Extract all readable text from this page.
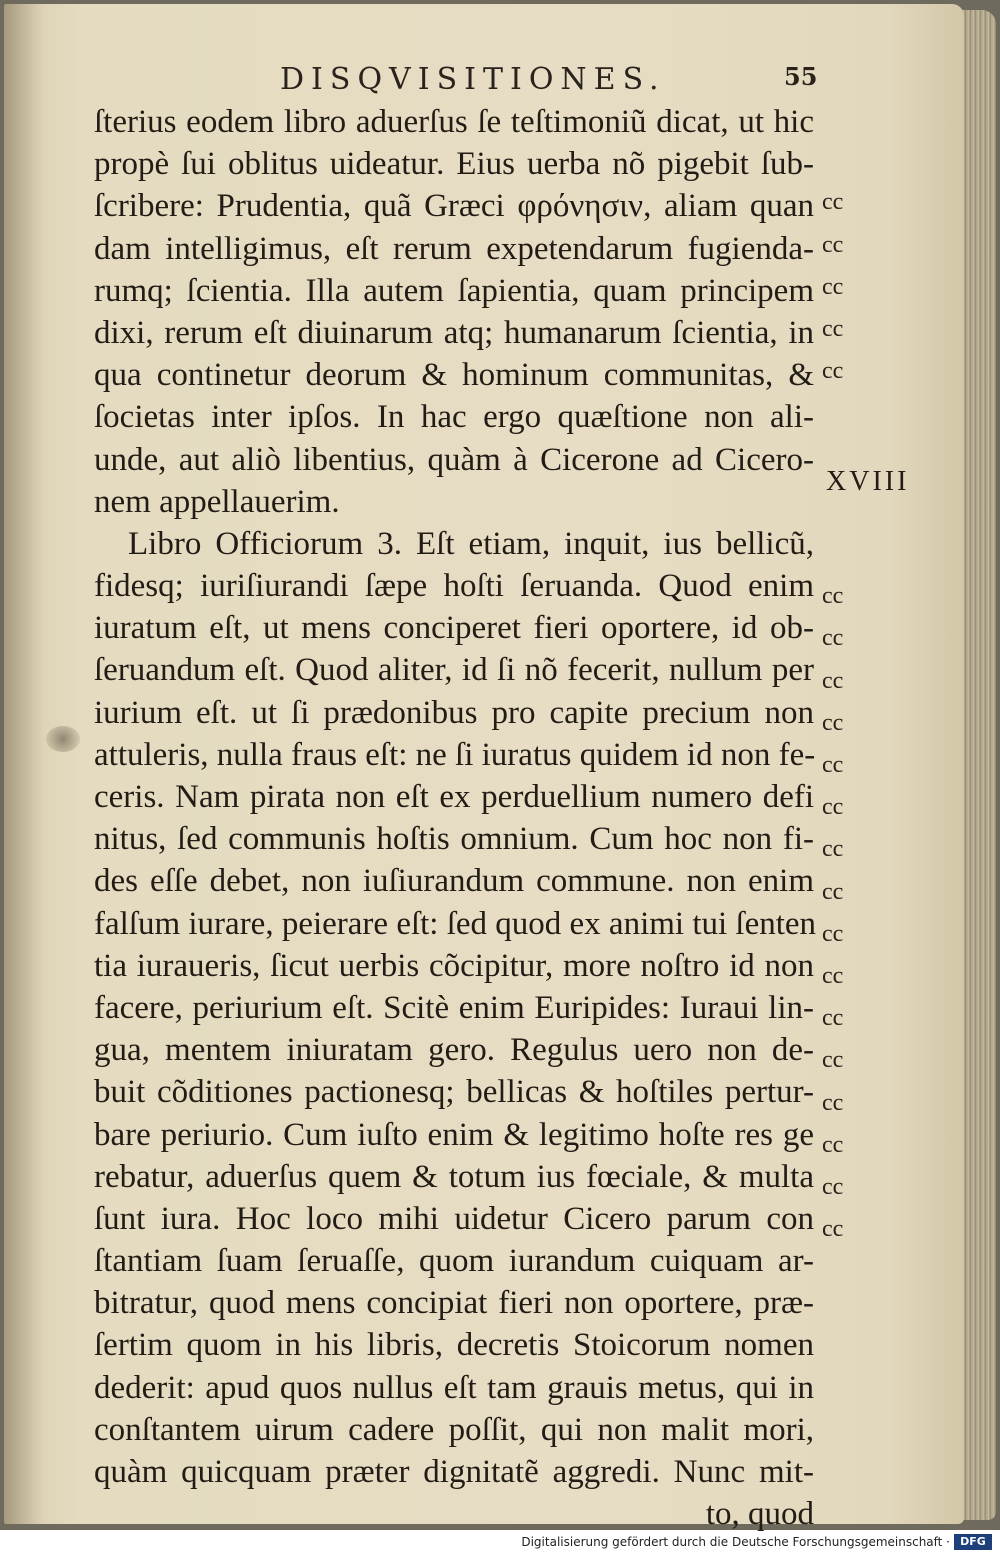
DISQVISITIONES.	55
ſterius eodem libro aduerſus ſe teſtimoniũ dicat, ut hic
propè ſui oblitus uideatur. Eius uerba nõ pigebit ſub-
ſcribere: Prudentia, quã Græci φρόνησιν, aliam quan
dam intelligimus, eſt rerum expetendarum fugienda-
rumq; ſcientia. Illa autem ſapientia, quam principem
dixi, rerum eſt diuinarum atq; humanarum ſcientia, in
qua continetur deorum & hominum communitas, &
ſocietas inter ipſos. In hac ergo quæſtione non ali-
unde, aut aliò libentius, quàm à Cicerone ad Cicero-
nem appellauerim.
Libro Officiorum 3. Eſt etiam, inquit, ius bellicũ,
fidesq; iuriſiurandi ſæpe hoſti ſeruanda. Quod enim
iuratum eſt, ut mens conciperet fieri oportere, id ob-
ſeruandum eſt. Quod aliter, id ſi nõ fecerit, nullum per
iurium eſt. ut ſi prædonibus pro capite precium non
attuleris, nulla fraus eſt: ne ſi iuratus quidem id non fe-
ceris. Nam pirata non eſt ex perduellium numero defi
nitus, ſed communis hoſtis omnium. Cum hoc non fi-
des eſſe debet, non iuſiurandum commune. non enim
falſum iurare, peierare eſt: ſed quod ex animi tui ſenten
tia iuraueris, ſicut uerbis cõcipitur, more noſtro id non
facere, periurium eſt. Scitè enim Euripides: Iuraui lin-
gua, mentem iniuratam gero. Regulus uero non de-
buit cõditiones pactionesq; bellicas & hoſtiles pertur-
bare periurio. Cum iuſto enim & legitimo hoſte res ge
rebatur, aduerſus quem & totum ius fœciale, & multa
ſunt iura. Hoc loco mihi uidetur Cicero parum con
ſtantiam ſuam ſeruaſſe, quom iurandum cuiquam ar-
bitratur, quod mens concipiat fieri non oportere, præ-
ſertim quom in his libris, decretis Stoicorum nomen
dederit: apud quos nullus eſt tam grauis metus, qui in
conſtantem uirum cadere poſſit, qui non malit mori,
quàm quicquam præter dignitatẽ aggredi. Nunc mit-
to, quod
cc
cc
cc
cc
cc
cc
cc
cc
cc
cc
cc
cc
cc
cc
cc
cc
cc
cc
cc
cc
cc
XVIII
Digitalisierung gefördert durch die Deutsche Forschungsgemeinschaft · DFG
